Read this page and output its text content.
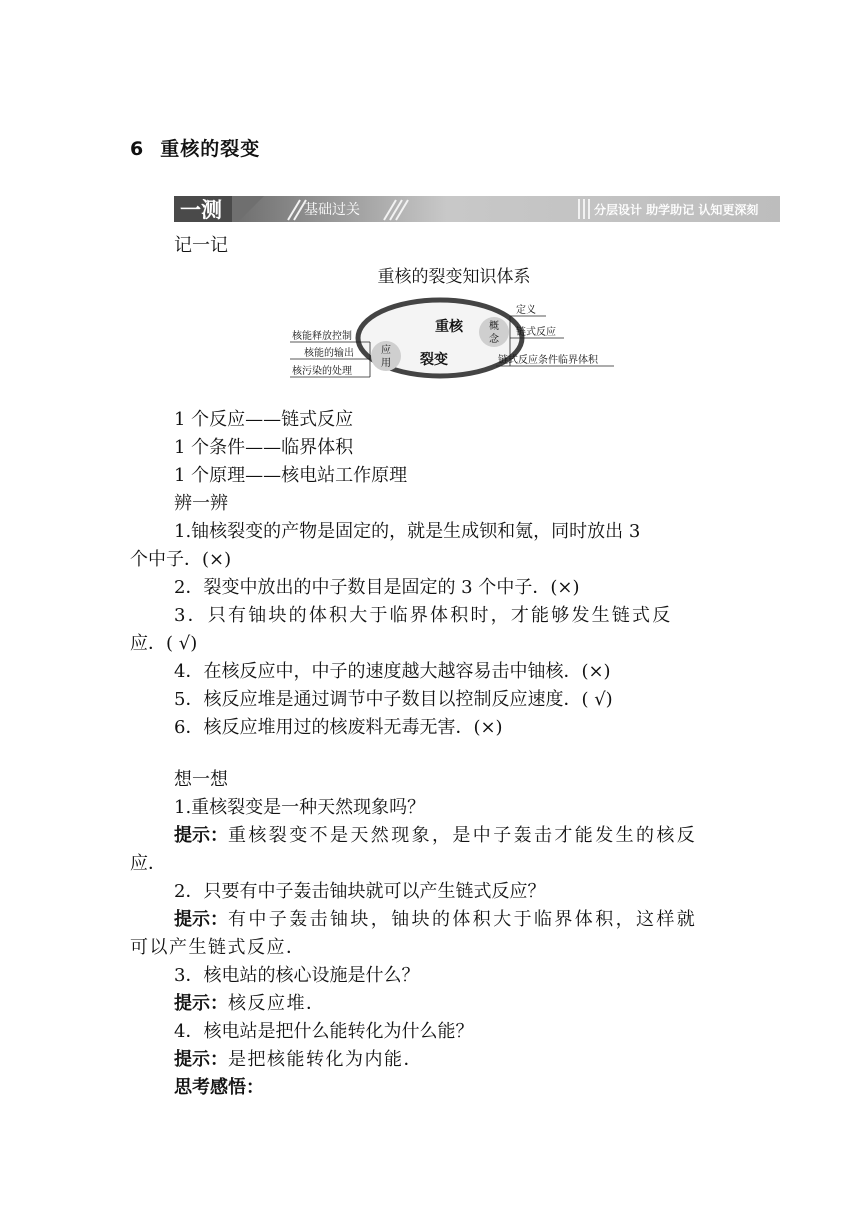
6 重核的裂变
一测	基础过关	分层设计 助学助记 认知更深刻
记一记
重核的裂变知识体系
重核
裂变
应
用
概
念
核能释放控制
核能的输出
核污染的处理
定义
链式反应
链式反应条件临界体积
1 个反应——链式反应
1 个条件——临界体积
1 个原理——核电站工作原理
辨一辨
1.铀核裂变的产物是固定的，就是生成钡和氪，同时放出 3
个中子．(×)
2．裂变中放出的中子数目是固定的 3 个中子．(×)
3．只有铀块的体积大于临界体积时，才能够发生链式反
应．( √)
4．在核反应中，中子的速度越大越容易击中铀核．(×)
5．核反应堆是通过调节中子数目以控制反应速度．( √)
6．核反应堆用过的核废料无毒无害．(×)
想一想
1.重核裂变是一种天然现象吗？
提示：重核裂变不是天然现象，是中子轰击才能发生的核反
应．
2．只要有中子轰击铀块就可以产生链式反应？
提示：有中子轰击铀块，铀块的体积大于临界体积，这样就
可以产生链式反应．
3．核电站的核心设施是什么？
提示：核反应堆．
4．核电站是把什么能转化为什么能？
提示：是把核能转化为内能．
思考感悟：
